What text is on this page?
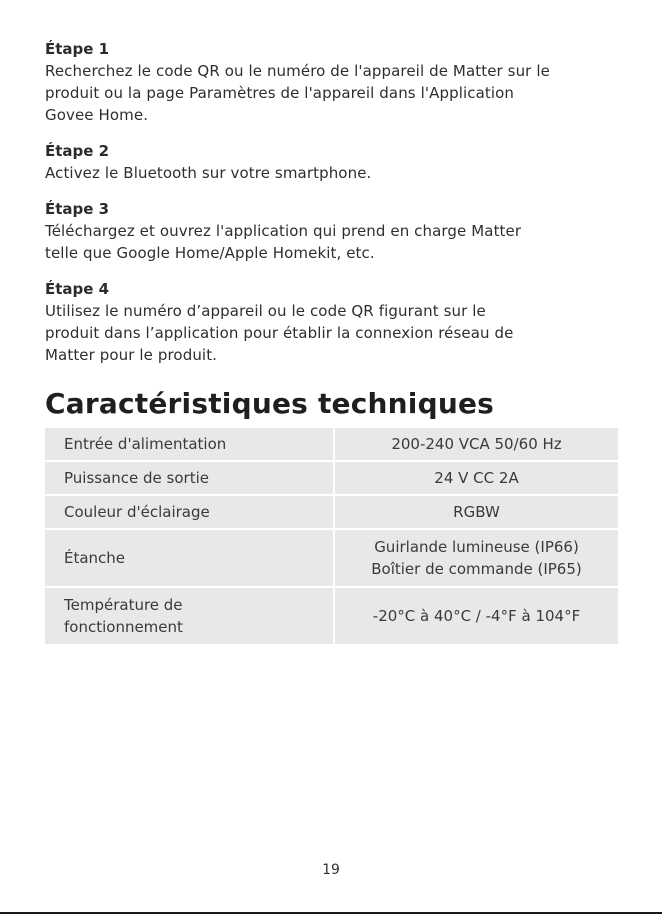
Étape 1
Recherchez le code QR ou le numéro de l'appareil de Matter sur le
produit ou la page Paramètres de l'appareil dans l'Application
Govee Home.
Étape 2
Activez le Bluetooth sur votre smartphone.
Étape 3
Téléchargez et ouvrez l'application qui prend en charge Matter
telle que Google Home/Apple Homekit, etc.
Étape 4
Utilisez le numéro d’appareil ou le code QR figurant sur le
produit dans l’application pour établir la connexion réseau de
Matter pour le produit.
Caractéristiques techniques
Entrée d'alimentation	200-240 VCA 50/60 Hz

Puissance de sortie	24 V CC 2A

Couleur d'éclairage	RGBW

Étanche	Guirlande lumineuse (IP66)
Boîtier de commande (IP65)

Température de
fonctionnement	-20°C à 40°C / -4°F à 104°F
19
